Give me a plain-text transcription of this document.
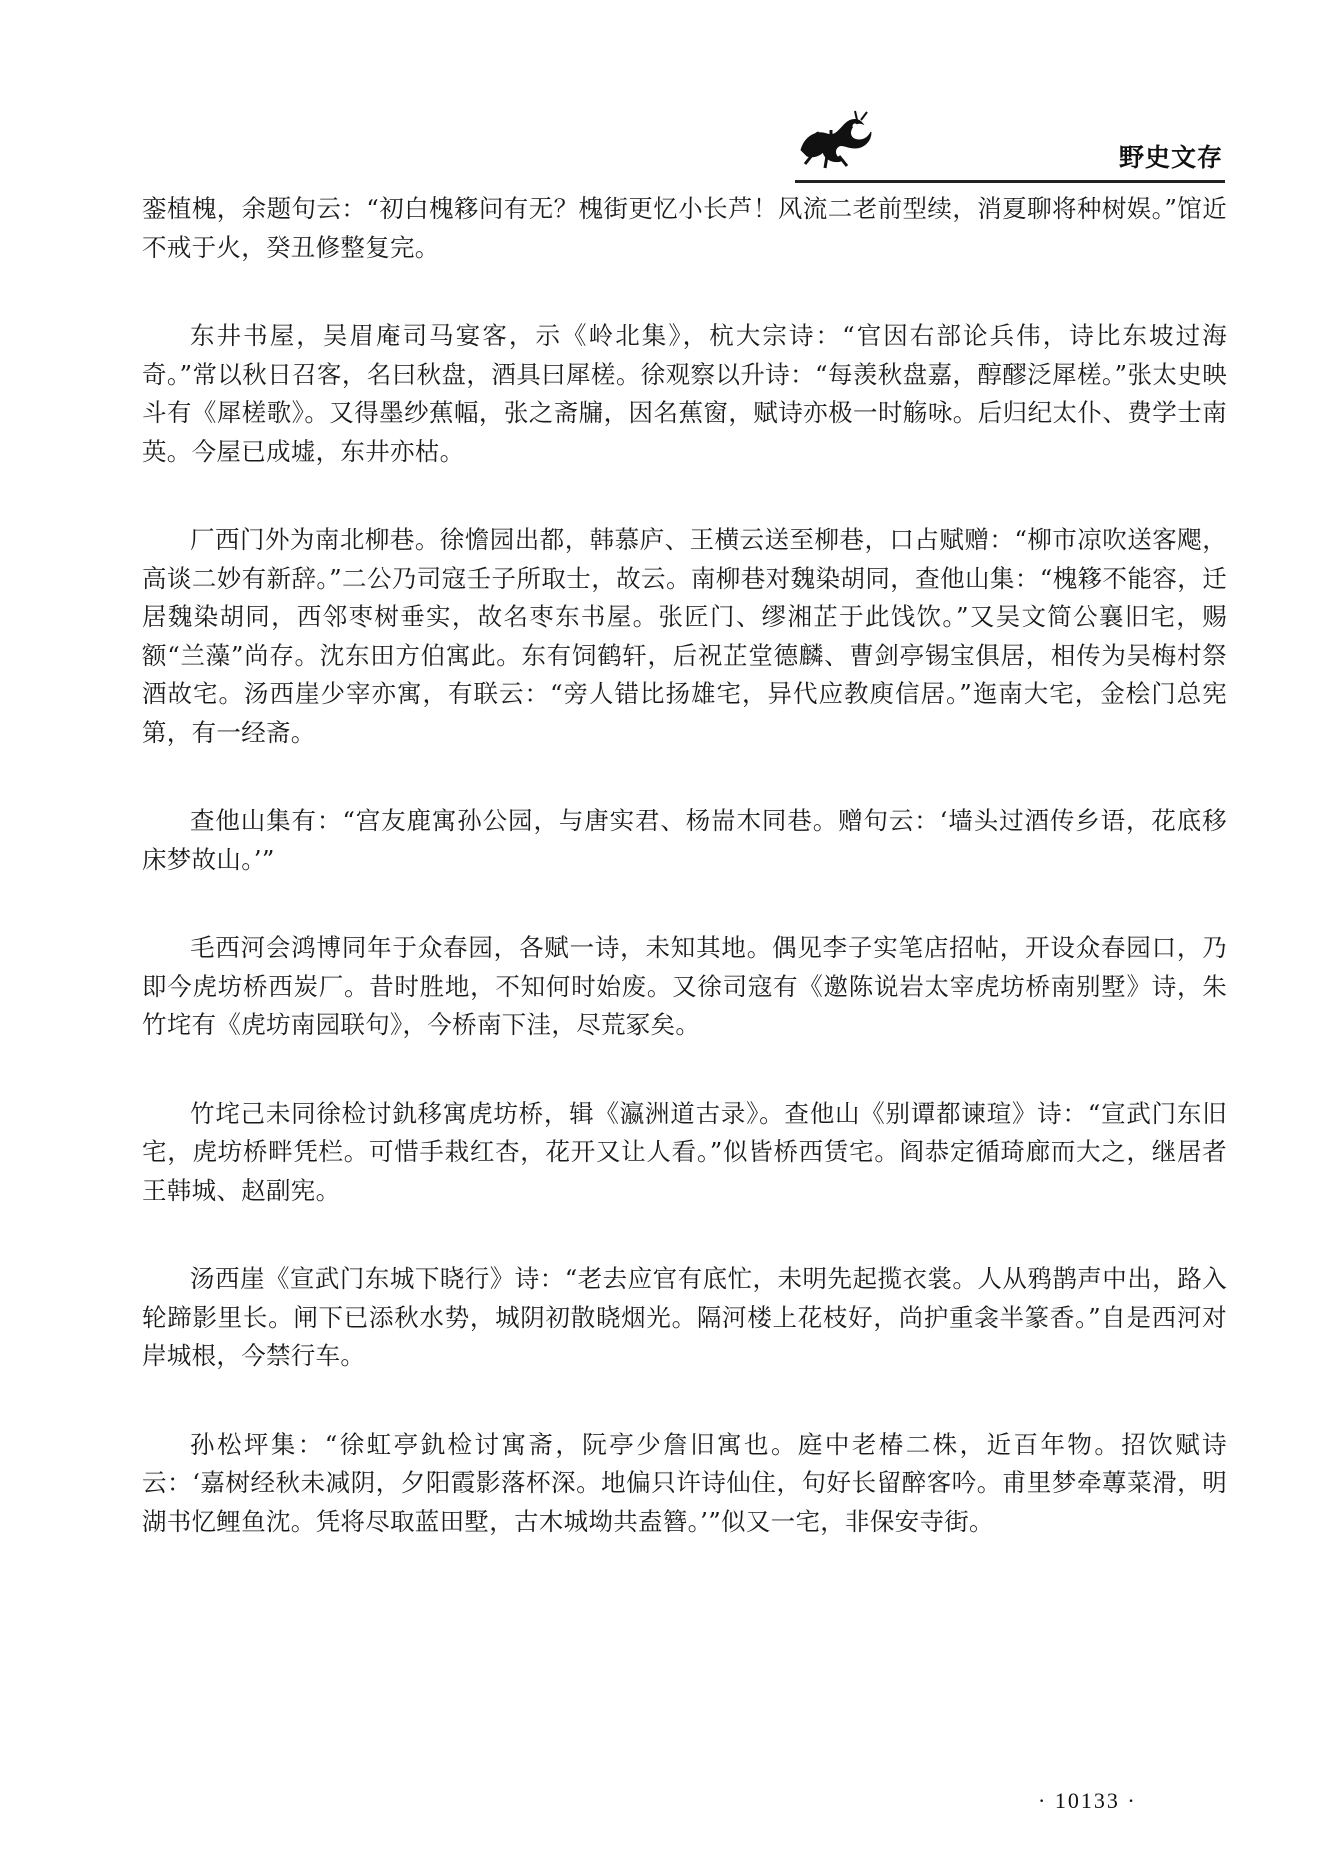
野史文存

銮植槐，余题句云：“初白槐簃问有无？槐街更忆小长芦！风流二老前型续，消夏聊将种树娱。”馆近不戒于火，癸丑修整复完。

东井书屋，吴眉庵司马宴客，示《岭北集》，杭大宗诗：“官因右部论兵伟，诗比东坡过海奇。”常以秋日召客，名曰秋盘，酒具曰犀槎。徐观察以升诗：“每羡秋盘嘉，醇醪泛犀槎。”张太史映斗有《犀槎歌》。又得墨纱蕉幅，张之斋牖，因名蕉窗，赋诗亦极一时觞咏。后归纪太仆、费学士南英。今屋已成墟，东井亦枯。

厂西门外为南北柳巷。徐憺园出都，韩慕庐、王横云送至柳巷，口占赋赠：“柳市凉吹送客飔，高谈二妙有新辞。”二公乃司寇壬子所取士，故云。南柳巷对魏染胡同，查他山集：“槐簃不能容，迁居魏染胡同，西邻枣树垂实，故名枣东书屋。张匠门、缪湘芷于此饯饮。”又吴文简公襄旧宅，赐额“兰藻”尚存。沈东田方伯寓此。东有饲鹤轩，后祝芷堂德麟、曹剑亭锡宝俱居，相传为吴梅村祭酒故宅。汤西崖少宰亦寓，有联云：“旁人错比扬雄宅，异代应教庾信居。”迤南大宅，金桧门总宪第，有一经斋。

查他山集有：“宫友鹿寓孙公园，与唐实君、杨耑木同巷。赠句云：‘墙头过酒传乡语，花底移床梦故山。’”

毛西河会鸿博同年于众春园，各赋一诗，未知其地。偶见李子实笔店招帖，开设众春园口，乃即今虎坊桥西炭厂。昔时胜地，不知何时始废。又徐司寇有《邀陈说岩太宰虎坊桥南别墅》诗，朱竹垞有《虎坊南园联句》，今桥南下洼，尽荒冢矣。

竹垞己未同徐检讨釚移寓虎坊桥，辑《瀛洲道古录》。查他山《别谭都谏瑄》诗：“宣武门东旧宅，虎坊桥畔凭栏。可惜手栽红杏，花开又让人看。”似皆桥西赁宅。阎恭定循琦廊而大之，继居者王韩城、赵副宪。

汤西崖《宣武门东城下晓行》诗：“老去应官有底忙，未明先起揽衣裳。人从鸦鹊声中出，路入轮蹄影里长。闸下已添秋水势，城阴初散晓烟光。隔河楼上花枝好，尚护重衾半篆香。”自是西河对岸城根，今禁行车。

孙松坪集：“徐虹亭釚检讨寓斋，阮亭少詹旧寓也。庭中老椿二株，近百年物。招饮赋诗云：‘嘉树经秋未减阴，夕阳霞影落杯深。地偏只许诗仙住，句好长留醉客吟。甫里梦牵蓴菜滑，明湖书忆鲤鱼沈。凭将尽取蓝田墅，古木城坳共盍簪。’”似又一宅，非保安寺街。

· 10133 ·
